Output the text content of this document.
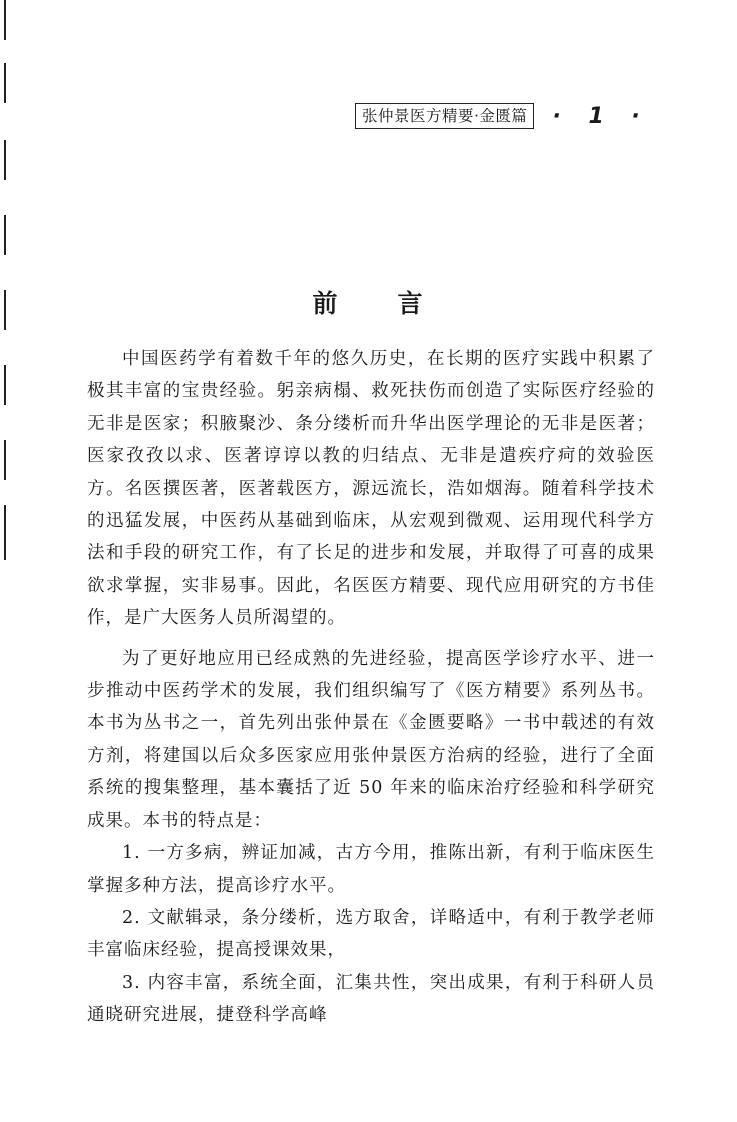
张仲景医方精要·金匮篇	· 1 ·
前 言

中国医药学有着数千年的悠久历史，在长期的医疗实践中积累了极其丰富的宝贵经验。躬亲病榻、救死扶伤而创造了实际医疗经验的无非是医家；积腋聚沙、条分缕析而升华出医学理论的无非是医著；医家孜孜以求、医著谆谆以教的归结点、无非是遣疾疗疴的效验医方。名医撰医著，医著载医方，源远流长，浩如烟海。随着科学技术的迅猛发展，中医药从基础到临床，从宏观到微观、运用现代科学方法和手段的研究工作，有了长足的进步和发展，并取得了可喜的成果 欲求掌握，实非易事。因此，名医医方精要、现代应用研究的方书佳作，是广大医务人员所渴望的。

为了更好地应用已经成熟的先进经验，提高医学诊疗水平、进一步推动中医药学术的发展，我们组织编写了《医方精要》系列丛书。本书为丛书之一，首先列出张仲景在《金匮要略》一书中载述的有效方剂，将建国以后众多医家应用张仲景医方治病的经验，进行了全面系统的搜集整理，基本囊括了近 50 年来的临床治疗经验和科学研究成果。本书的特点是：

1. 一方多病，辨证加减，古方今用，推陈出新，有利于临床医生掌握多种方法，提高诊疗水平。

2. 文献辑录，条分缕析，选方取舍，详略适中，有利于教学老师丰富临床经验，提高授课效果，

3. 内容丰富，系统全面，汇集共性，突出成果，有利于科研人员通晓研究进展，捷登科学高峰
